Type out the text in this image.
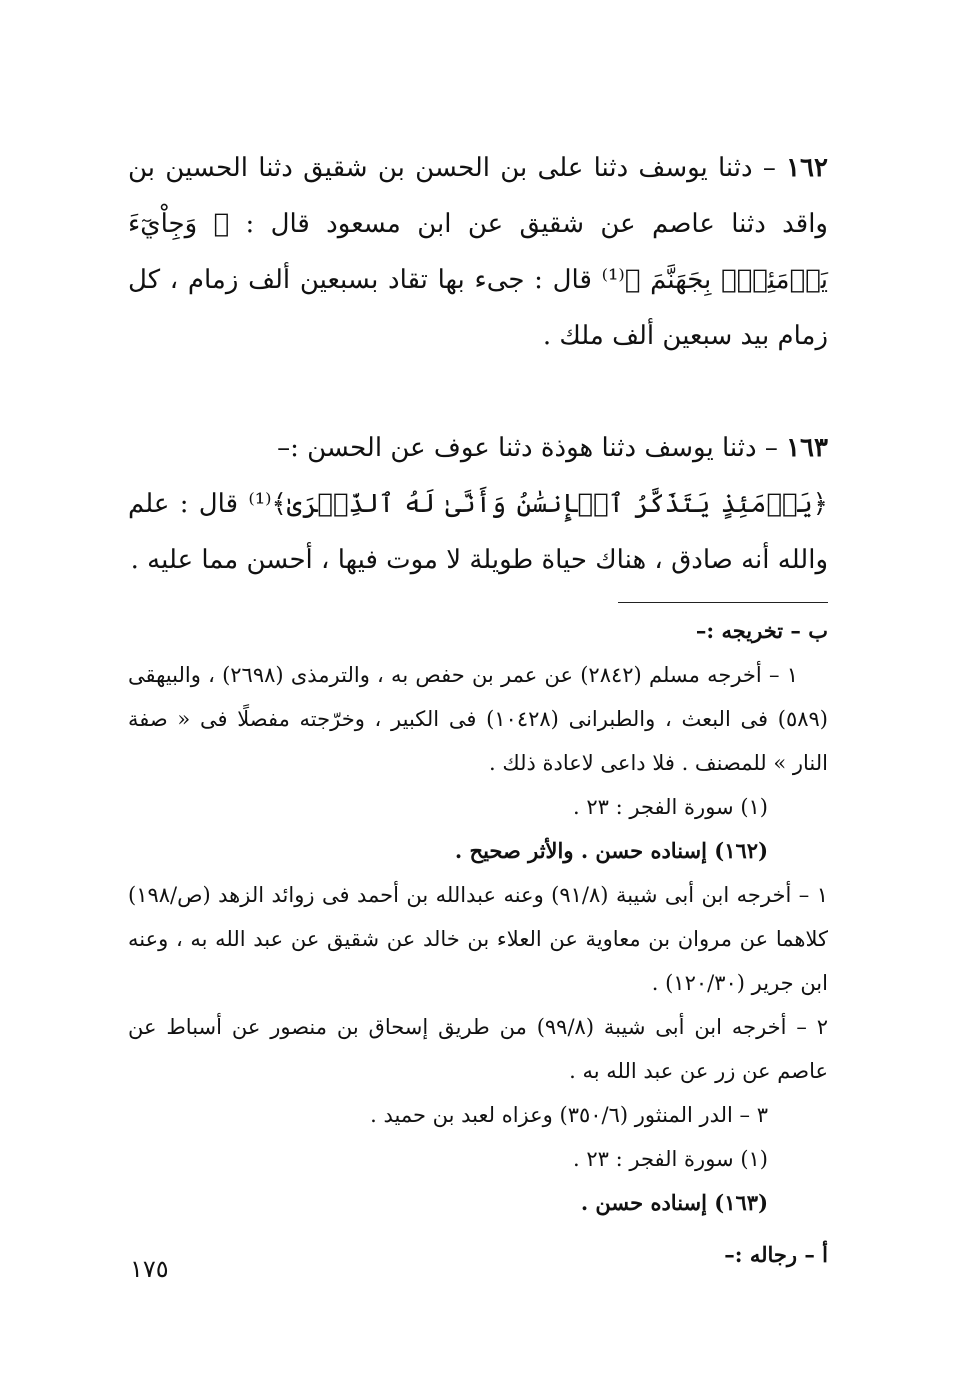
١٦٢ – دثنا يوسف دثنا على بن الحسن بن شقيق دثنا الحسين بن واقد دثنا عاصم عن شقيق عن ابن مسعود قال : ﴿ وَجِاْيٓءَ يَوۡمَئِذٍۭ بِجَهَنَّمَ ﴾⁽¹⁾ قال : جىء بها تقاد بسبعين ألف زمام ، كل زمام بيد سبعين ألف ملك .

١٦٣ – دثنا يوسف دثنا هوذة دثنا عوف عن الحسن :–

﴿يَوۡمَئِذٍ يَتَذَكَّرُ ٱلۡإِنسَٰنُ وَأَنَّىٰ لَهُ ٱلذِّكۡرَىٰ﴾⁽¹⁾ قال : علم والله أنه صادق ، هناك حياة طويلة لا موت فيها ، أحسن مما عليه .

ب – تخريجه :–

١ – أخرجه مسلم (٢٨٤٢) عن عمر بن حفص به ، والترمذى (٢٦٩٨) ، والبيهقى (٥٨٩) فى البعث ، والطبرانى (١٠٤٢٨) فى الكبير ، وخرّجته مفصلًا فى « صفة النار » للمصنف . فلا داعى لاعادة ذلك .

(١) سورة الفجر : ٢٣ .

(١٦٢) إسناده حسن . والأثر صحيح .

١ – أخرجه ابن أبى شيبة (٩١/٨) وعنه عبدالله بن أحمد فى زوائد الزهد (ص/١٩٨) كلاهما عن مروان بن معاوية عن العلاء بن خالد عن شقيق عن عبد الله به ، وعنه ابن جرير (١٢٠/٣٠) .

٢ – أخرجه ابن أبى شيبة (٩٩/٨) من طريق إسحاق بن منصور عن أسباط عن عاصم عن زر عن عبد الله به .

٣ – الدر المنثور (٣٥٠/٦) وعزاه لعبد بن حميد .

(١) سورة الفجر : ٢٣ .

(١٦٣) إسناده حسن .

أ – رجاله :–

١٧٥
